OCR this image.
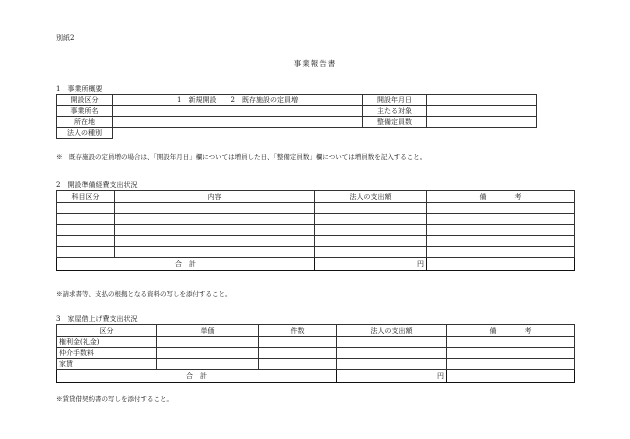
別紙2
事業報告書
1　事業所概要
開設区分	1　新規開設　　2　既存施設の定員増	開設年月日	
事業所名		主たる対象	
所在地		整備定員数	
法人の種別			
※　既存施設の定員増の場合は、「開設年月日」欄については増員した日、「整備定員数」欄については増員数を記入すること。
2　開設準備経費支出状況
科目区分	内容	法人の支出額	備　　　　考

合　計		円	
※請求書等、支払の根拠となる資料の写しを添付すること。
3　家屋借上げ費支出状況
区分	単価	件数	法人の支出額	備　　　　考
権利金(礼金)				
仲介手数料				
家賃				
合　計			円	
※賃貸借契約書の写しを添付すること。
